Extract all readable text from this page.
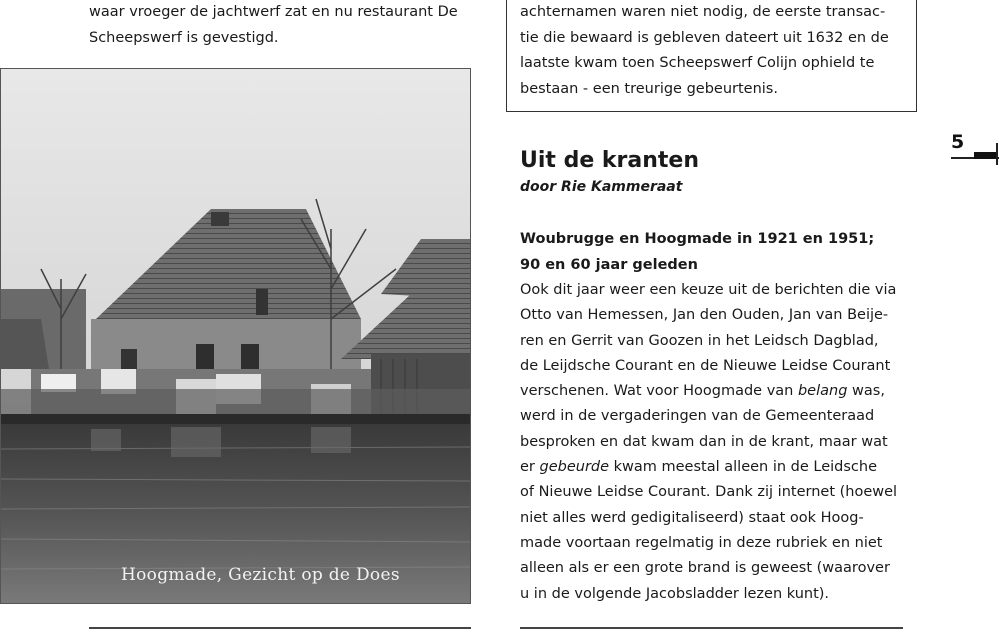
waar vroeger de jachtwerf zat en nu restaurant De
Scheepswerf is gevestigd.
Hoogmade, Gezicht op de Does
achternamen waren niet nodig, de eerste transac-
tie die bewaard is gebleven dateert uit 1632 en de
laatste kwam toen Scheepswerf Colijn ophield te
bestaan - een treurige gebeurtenis.
5
Uit de kranten
door Rie Kammeraat
Woubrugge en Hoogmade in 1921 en 1951;
90 en 60 jaar geleden
Ook dit jaar weer een keuze uit de berichten die via
Otto van Hemessen, Jan den Ouden, Jan van Beije-
ren en Gerrit van Goozen in het Leidsch Dagblad,
de Leijdsche Courant en de Nieuwe Leidse Courant
verschenen. Wat voor Hoogmade van belang was,
werd in de vergaderingen van de Gemeenteraad
besproken en dat kwam dan in de krant, maar wat
er gebeurde kwam meestal alleen in de Leidsche
of Nieuwe Leidse Courant. Dank zij internet (hoewel
niet alles werd gedigitaliseerd) staat ook Hoog-
made voortaan regelmatig in deze rubriek en niet
alleen als er een grote brand is geweest (waarover
u in de volgende Jacobsladder lezen kunt).
